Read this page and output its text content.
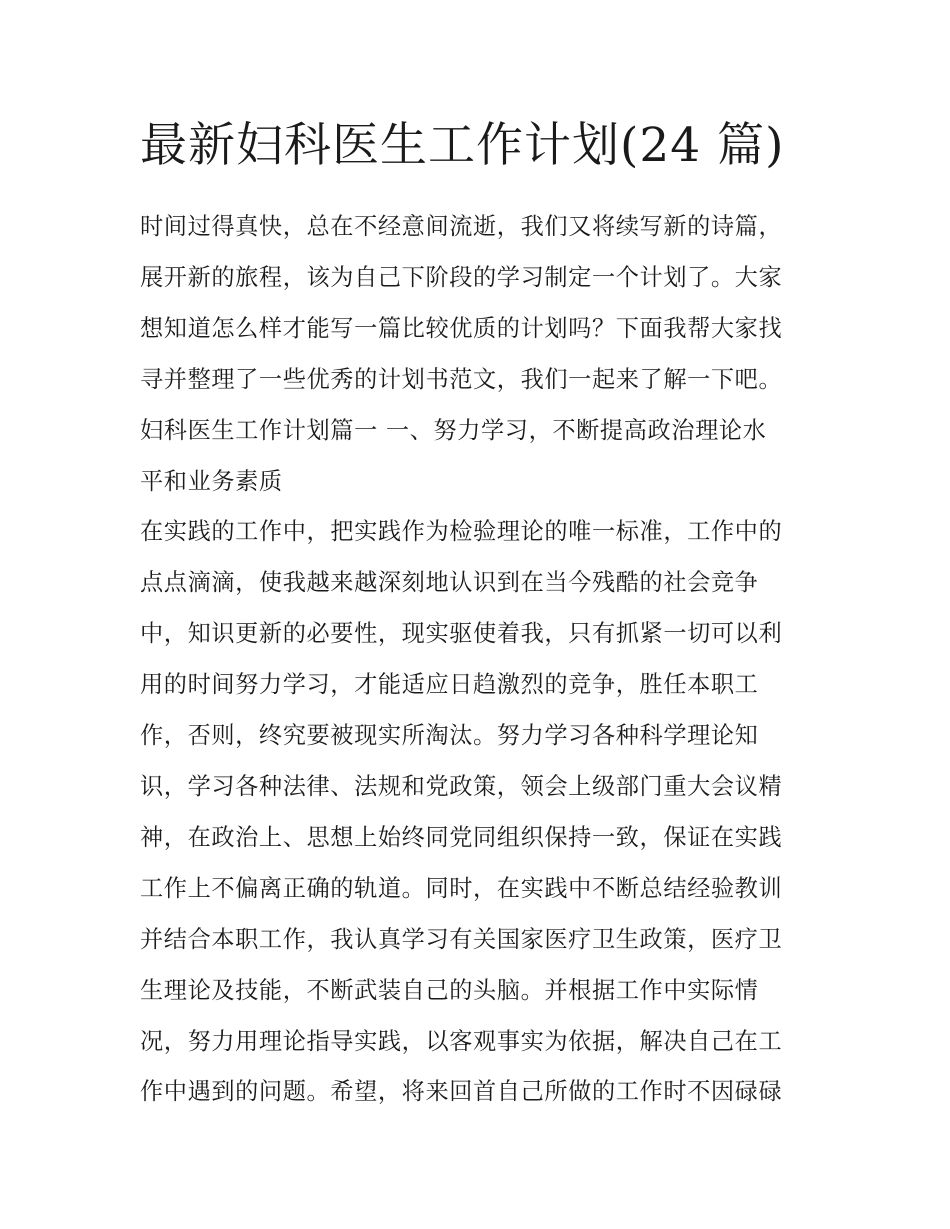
最新妇科医生工作计划(24 篇)
时间过得真快，总在不经意间流逝，我们又将续写新的诗篇，
展开新的旅程，该为自己下阶段的学习制定一个计划了。大家
想知道怎么样才能写一篇比较优质的计划吗？下面我帮大家找
寻并整理了一些优秀的计划书范文，我们一起来了解一下吧。
妇科医生工作计划篇一 一、努力学习，不断提高政治理论水
平和业务素质
在实践的工作中，把实践作为检验理论的唯一标准，工作中的
点点滴滴，使我越来越深刻地认识到在当今残酷的社会竞争
中，知识更新的必要性，现实驱使着我，只有抓紧一切可以利
用的时间努力学习，才能适应日趋激烈的竞争，胜任本职工
作，否则，终究要被现实所淘汰。努力学习各种科学理论知
识，学习各种法律、法规和党政策，领会上级部门重大会议精
神，在政治上、思想上始终同党同组织保持一致，保证在实践
工作上不偏离正确的轨道。同时，在实践中不断总结经验教训
并结合本职工作，我认真学习有关国家医疗卫生政策，医疗卫
生理论及技能，不断武装自己的头脑。并根据工作中实际情
况，努力用理论指导实践，以客观事实为依据，解决自己在工
作中遇到的问题。希望，将来回首自己所做的工作时不因碌碌
